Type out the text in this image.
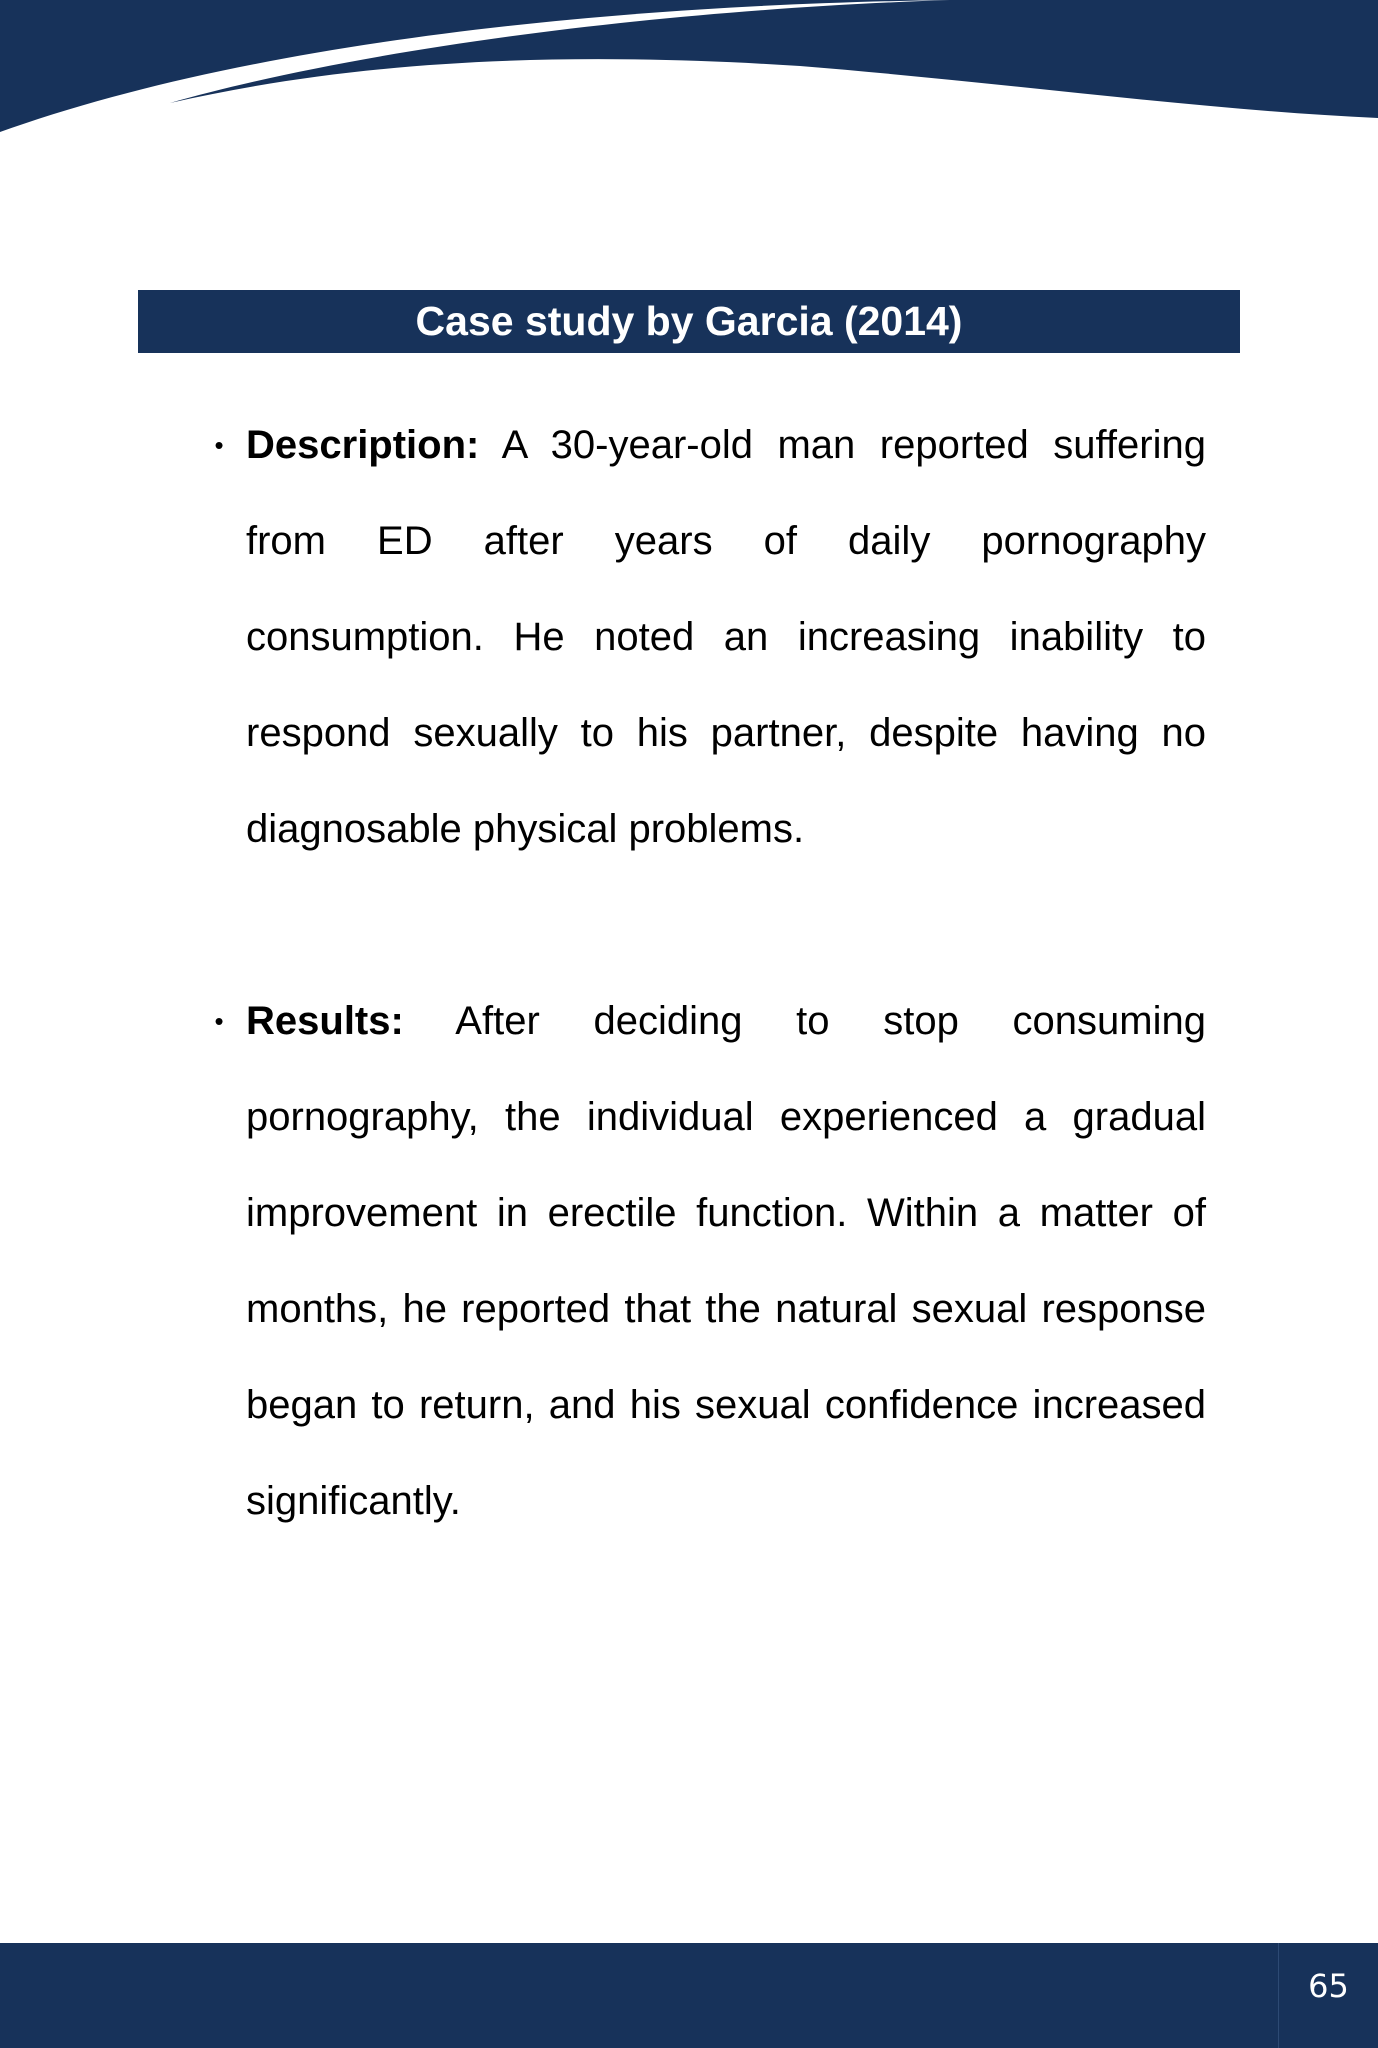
Case study by Garcia (2014)
• Description: A 30-year-old man reported suffering from ED after years of daily pornography consumption. He noted an increasing inability to respond sexually to his partner, despite having no diagnosable physical problems.
• Results: After deciding to stop consuming pornography, the individual experienced a gradual improvement in erectile function. Within a matter of months, he reported that the natural sexual response began to return, and his sexual confidence increased significantly.
65
